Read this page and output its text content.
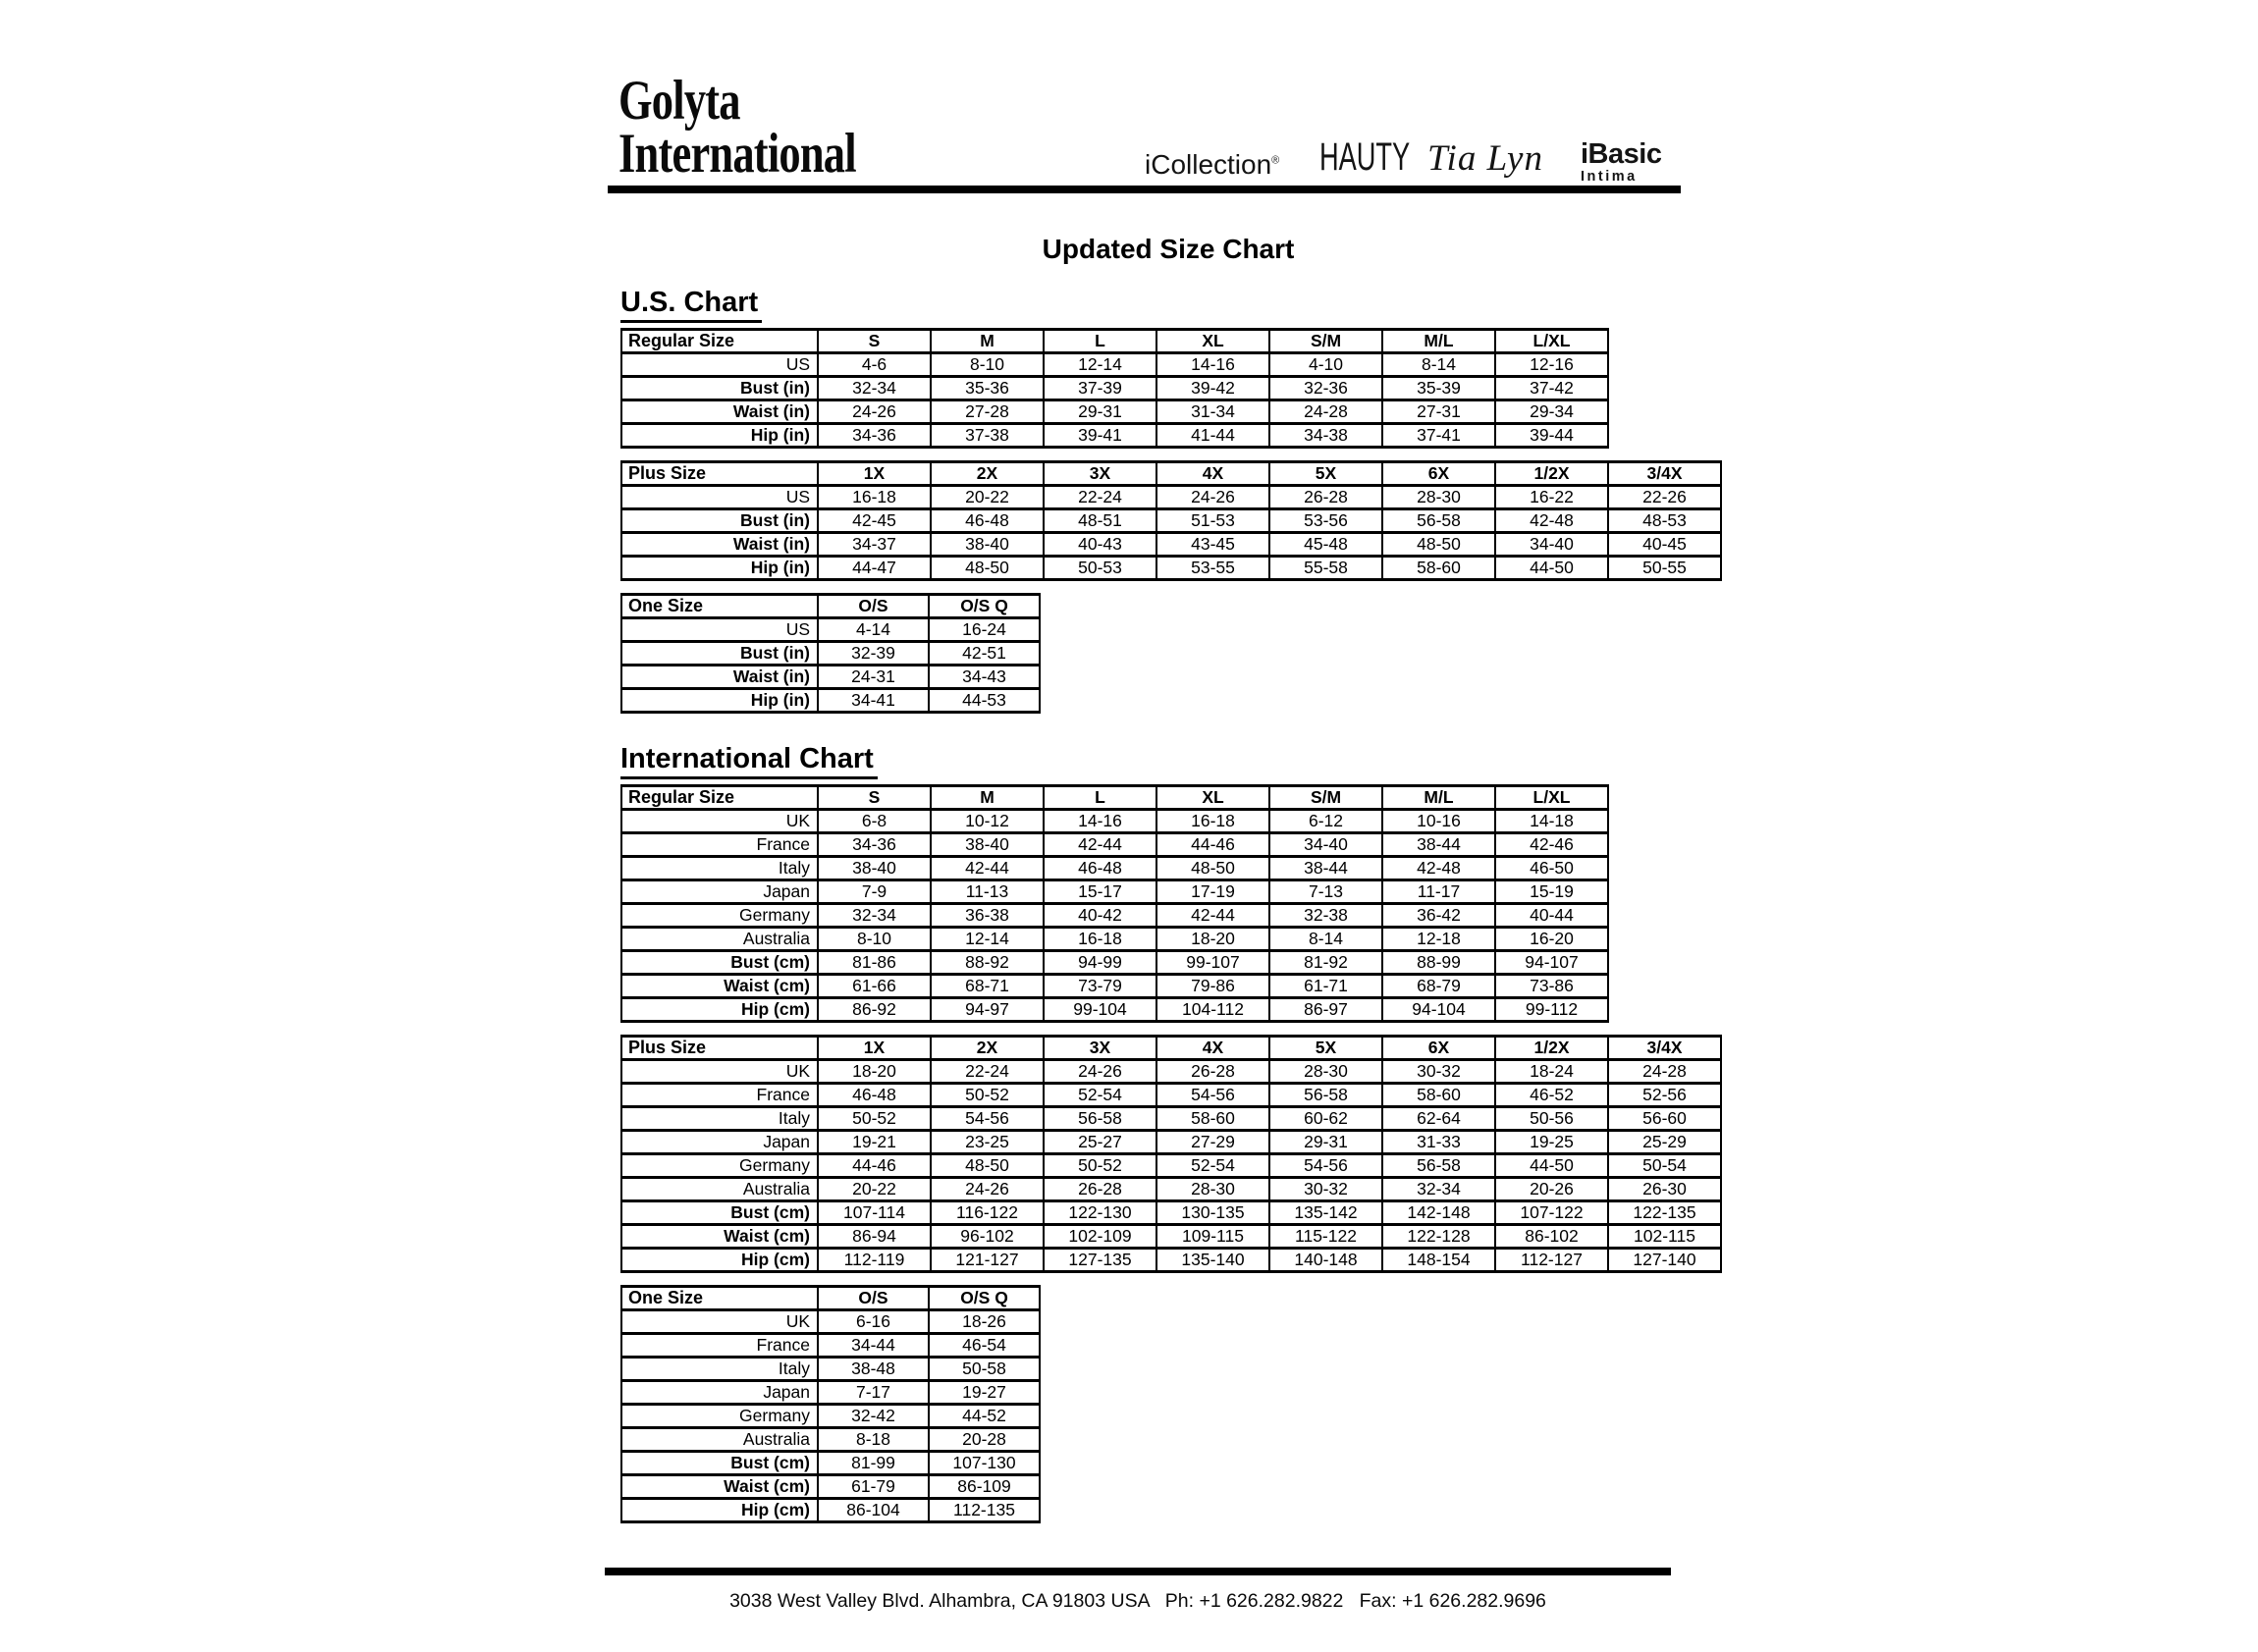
Golyta
International	iCollection® HAUTY Tia Lyn iBasic
Intima
Updated Size Chart
U.S. Chart
Regular Size	S	M	L	XL	S/M	M/L	L/XL
US	4-6	8-10	12-14	14-16	4-10	8-14	12-16
Bust (in)	32-34	35-36	37-39	39-42	32-36	35-39	37-42
Waist (in)	24-26	27-28	29-31	31-34	24-28	27-31	29-34
Hip (in)	34-36	37-38	39-41	41-44	34-38	37-41	39-44
Plus Size	1X	2X	3X	4X	5X	6X	1/2X	3/4X
US	16-18	20-22	22-24	24-26	26-28	28-30	16-22	22-26
Bust (in)	42-45	46-48	48-51	51-53	53-56	56-58	42-48	48-53
Waist (in)	34-37	38-40	40-43	43-45	45-48	48-50	34-40	40-45
Hip (in)	44-47	48-50	50-53	53-55	55-58	58-60	44-50	50-55
One Size	O/S	O/S Q
US	4-14	16-24
Bust (in)	32-39	42-51
Waist (in)	24-31	34-43
Hip (in)	34-41	44-53
International Chart
Regular Size	S	M	L	XL	S/M	M/L	L/XL
UK	6-8	10-12	14-16	16-18	6-12	10-16	14-18
France	34-36	38-40	42-44	44-46	34-40	38-44	42-46
Italy	38-40	42-44	46-48	48-50	38-44	42-48	46-50
Japan	7-9	11-13	15-17	17-19	7-13	11-17	15-19
Germany	32-34	36-38	40-42	42-44	32-38	36-42	40-44
Australia	8-10	12-14	16-18	18-20	8-14	12-18	16-20
Bust (cm)	81-86	88-92	94-99	99-107	81-92	88-99	94-107
Waist (cm)	61-66	68-71	73-79	79-86	61-71	68-79	73-86
Hip (cm)	86-92	94-97	99-104	104-112	86-97	94-104	99-112
Plus Size	1X	2X	3X	4X	5X	6X	1/2X	3/4X
UK	18-20	22-24	24-26	26-28	28-30	30-32	18-24	24-28
France	46-48	50-52	52-54	54-56	56-58	58-60	46-52	52-56
Italy	50-52	54-56	56-58	58-60	60-62	62-64	50-56	56-60
Japan	19-21	23-25	25-27	27-29	29-31	31-33	19-25	25-29
Germany	44-46	48-50	50-52	52-54	54-56	56-58	44-50	50-54
Australia	20-22	24-26	26-28	28-30	30-32	32-34	20-26	26-30
Bust (cm)	107-114	116-122	122-130	130-135	135-142	142-148	107-122	122-135
Waist (cm)	86-94	96-102	102-109	109-115	115-122	122-128	86-102	102-115
Hip (cm)	112-119	121-127	127-135	135-140	140-148	148-154	112-127	127-140
One Size	O/S	O/S Q
UK	6-16	18-26
France	34-44	46-54
Italy	38-48	50-58
Japan	7-17	19-27
Germany	32-42	44-52
Australia	8-18	20-28
Bust (cm)	81-99	107-130
Waist (cm)	61-79	86-109
Hip (cm)	86-104	112-135
3038 West Valley Blvd. Alhambra, CA 91803 USA   Ph: +1 626.282.9822   Fax: +1 626.282.9696
